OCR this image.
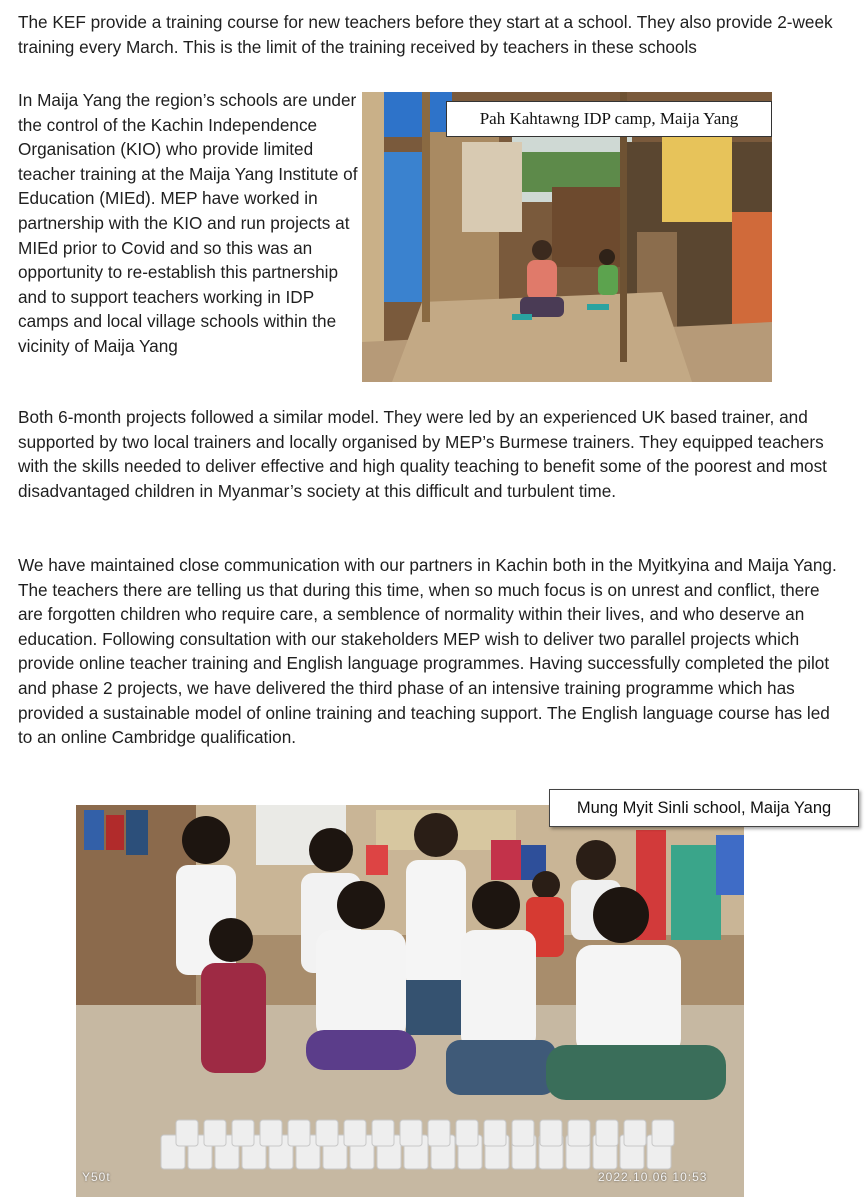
The KEF provide a training course for new teachers before they start at a school. They also provide 2-week training every March. This is the limit of the training received by teachers in these schools

In Maija Yang the region’s schools are under the control of the Kachin Independence Organisation (KIO) who provide limited teacher training at the Maija Yang Institute of Education (MIEd). MEP have worked in partnership with the KIO and run projects at MIEd prior to Covid and so this was an opportunity to re-establish this partnership and to support teachers working in IDP camps and local village schools within the vicinity of Maija Yang

Pah Kahtawng IDP camp, Maija Yang

Both 6-month projects followed a similar model. They were led by an experienced UK based trainer, and supported by two local trainers and locally organised by MEP’s Burmese trainers. They equipped teachers with the skills needed to deliver effective and high quality teaching to benefit some of the poorest and most disadvantaged children in Myanmar’s society at this difficult and turbulent time.

We have maintained close communication with our partners in Kachin both in the Myitkyina and Maija Yang. The teachers there are telling us that during this time, when so much focus is on unrest and conflict, there are forgotten children who require care, a semblence of normality within their lives, and who deserve an education. Following consultation with our stakeholders MEP wish to deliver two parallel projects which provide online teacher training and English language programmes. Having successfully completed the pilot and phase 2 projects, we have delivered the third phase of an intensive training programme which has provided a sustainable model of online training and teaching support. The English language course has led to an online Cambridge qualification.

Mung Myit Sinli school, Maija Yang
Y50t	2022.10.06 10:53
